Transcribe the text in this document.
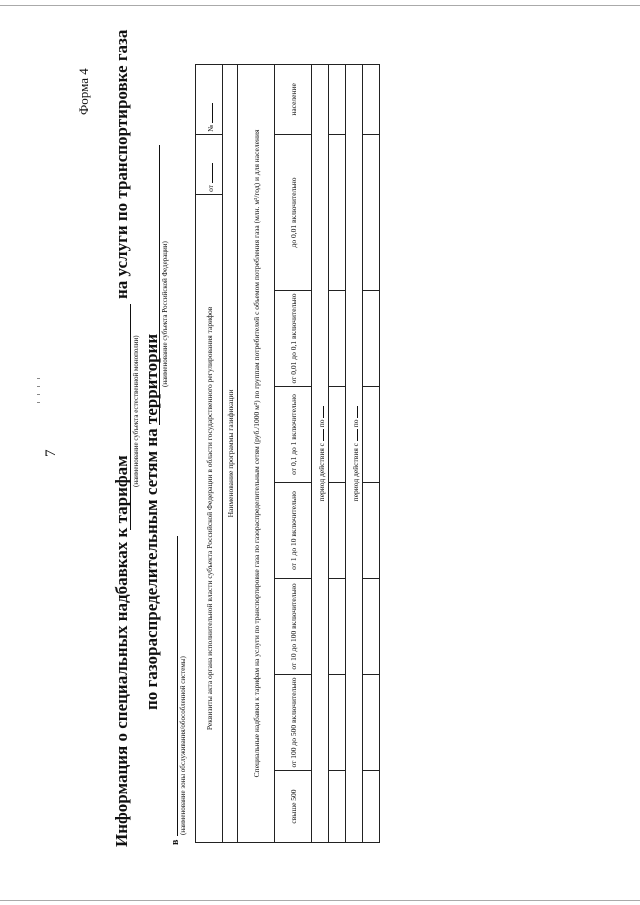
7
Форма 4
Информация о специальных надбавках к тарифам
на услуги по транспортировке газа
(наименование субъекта естественной монополии) по газораспределительным сетям на территории
(наименование субъекта Российской Федерации)
в
(наименование зоны обслуживания/обособленной системы)
Реквизиты акта органа исполнительной власти субъекта Российской Федерации в области государственного регулирования тарифов							от	№
Наименование программы газификации								
Специальные надбавки к тарифам на услуги по транспортировке газа по газораспределительным сетям (руб./1000 м³) по группам потребителей с объемом потребления газа (млн. м³/год) и для населения								
свыше 500	от 100 до 500 включительно	от 10 до 100 включительно	от 1 до 10 включительно	от 0,1 до 1 включительно	от 0,01 до 0,1 включительно	до 0,01 включительно		население
период действия с  по								

период действия с  по								
